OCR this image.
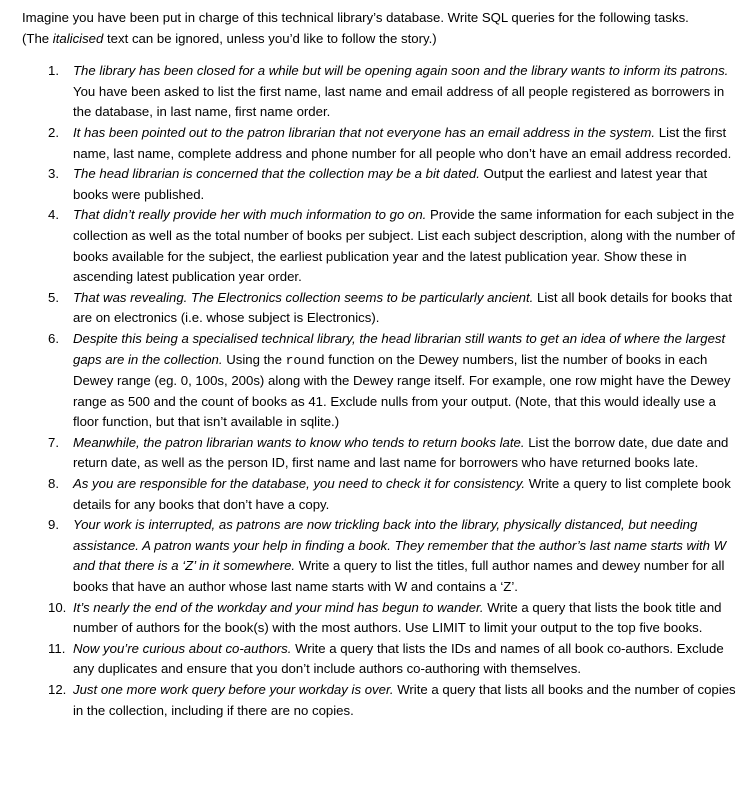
Imagine you have been put in charge of this technical library’s database. Write SQL queries for the following tasks.
(The italicised text can be ignored, unless you’d like to follow the story.)

1.	The library has been closed for a while but will be opening again soon and the library wants to inform its patrons. You have been asked to list the first name, last name and email address of all people registered as borrowers in the database, in last name, first name order.
2.	It has been pointed out to the patron librarian that not everyone has an email address in the system. List the first name, last name, complete address and phone number for all people who don’t have an email address recorded.
3.	The head librarian is concerned that the collection may be a bit dated. Output the earliest and latest year that books were published.
4.	That didn’t really provide her with much information to go on. Provide the same information for each subject in the collection as well as the total number of books per subject. List each subject description, along with the number of books available for the subject, the earliest publication year and the latest publication year. Show these in ascending latest publication year order.
5.	That was revealing. The Electronics collection seems to be particularly ancient. List all book details for books that are on electronics (i.e. whose subject is Electronics).
6.	Despite this being a specialised technical library, the head librarian still wants to get an idea of where the largest gaps are in the collection. Using the round function on the Dewey numbers, list the number of books in each Dewey range (eg. 0, 100s, 200s) along with the Dewey range itself. For example, one row might have the Dewey range as 500 and the count of books as 41. Exclude nulls from your output. (Note, that this would ideally use a floor function, but that isn’t available in sqlite.)
7.	Meanwhile, the patron librarian wants to know who tends to return books late. List the borrow date, due date and return date, as well as the person ID, first name and last name for borrowers who have returned books late.
8.	As you are responsible for the database, you need to check it for consistency. Write a query to list complete book details for any books that don’t have a copy.
9.	Your work is interrupted, as patrons are now trickling back into the library, physically distanced, but needing assistance. A patron wants your help in finding a book. They remember that the author’s last name starts with W and that there is a ‘Z’ in it somewhere. Write a query to list the titles, full author names and dewey number for all books that have an author whose last name starts with W and contains a ‘Z’.
10. It’s nearly the end of the workday and your mind has begun to wander. Write a query that lists the book title and number of authors for the book(s) with the most authors. Use LIMIT to limit your output to the top five books.
11. Now you’re curious about co-authors. Write a query that lists the IDs and names of all book co-authors. Exclude any duplicates and ensure that you don’t include authors co-authoring with themselves.
12. Just one more work query before your workday is over. Write a query that lists all books and the number of copies in the collection, including if there are no copies.
